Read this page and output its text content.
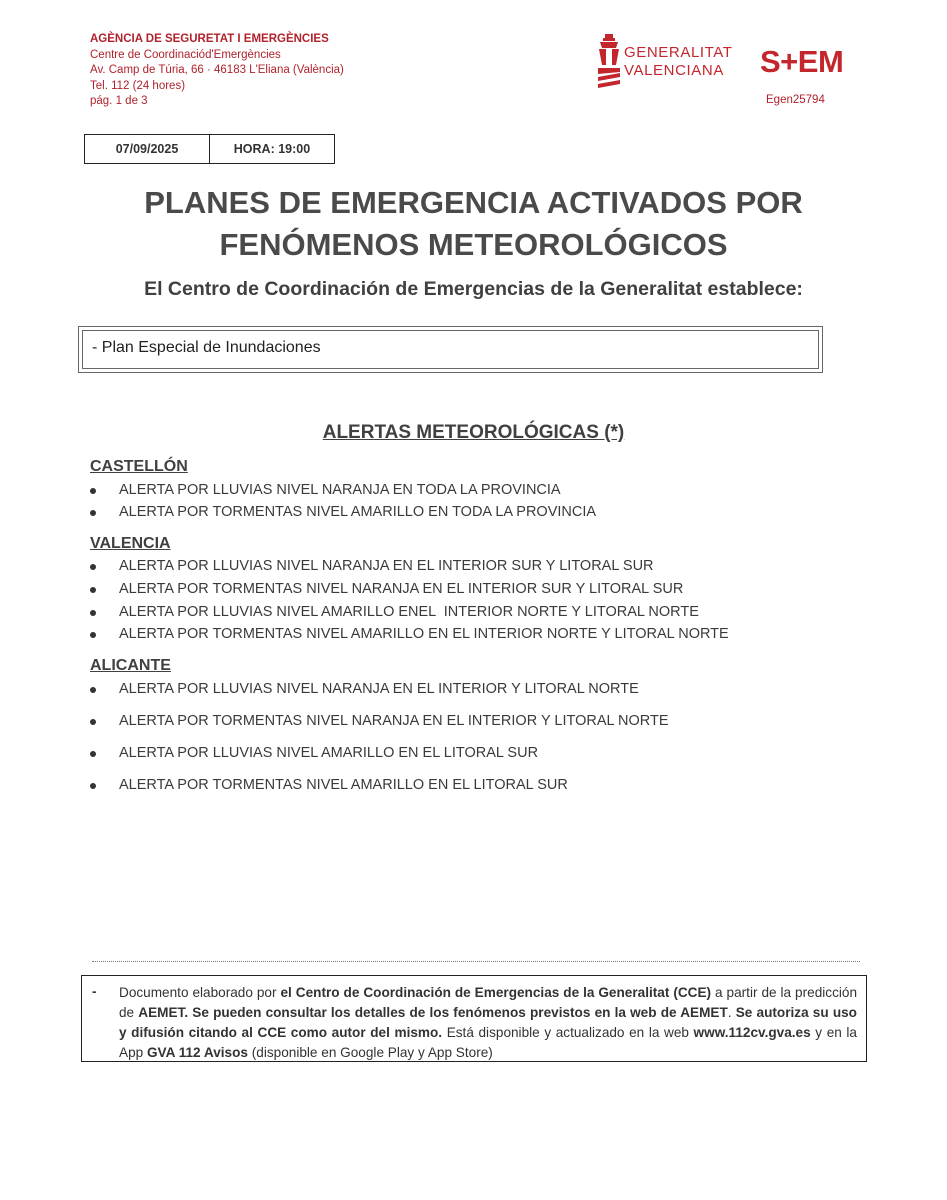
AGÈNCIA DE SEGURETAT I EMERGÈNCIES
Centre de Coordinaciód'Emergències
Av. Camp de Túria, 66 · 46183 L'Eliana (València)
Tel. 112 (24 hores)
pág. 1 de 3
GENERALITAT
VALENCIANA S+EM
Egen25794
07/09/2025	HORA: 19:00
PLANES DE EMERGENCIA ACTIVADOS POR
FENÓMENOS METEOROLÓGICOS
El Centro de Coordinación de Emergencias de la Generalitat establece:
- Plan Especial de Inundaciones
ALERTAS METEOROLÓGICAS (*)
CASTELLÓN
ALERTA POR LLUVIAS NIVEL NARANJA EN TODA LA PROVINCIA
ALERTA POR TORMENTAS NIVEL AMARILLO EN TODA LA PROVINCIA
VALENCIA
ALERTA POR LLUVIAS NIVEL NARANJA EN EL INTERIOR SUR Y LITORAL SUR
ALERTA POR TORMENTAS NIVEL NARANJA EN EL INTERIOR SUR Y LITORAL SUR
ALERTA POR LLUVIAS NIVEL AMARILLO ENEL  INTERIOR NORTE Y LITORAL NORTE
ALERTA POR TORMENTAS NIVEL AMARILLO EN EL INTERIOR NORTE Y LITORAL NORTE
ALICANTE
ALERTA POR LLUVIAS NIVEL NARANJA EN EL INTERIOR Y LITORAL NORTE
ALERTA POR TORMENTAS NIVEL NARANJA EN EL INTERIOR Y LITORAL NORTE
ALERTA POR LLUVIAS NIVEL AMARILLO EN EL LITORAL SUR
ALERTA POR TORMENTAS NIVEL AMARILLO EN EL LITORAL SUR
- Documento elaborado por el Centro de Coordinación de Emergencias de la Generalitat (CCE) a partir de la predicción de AEMET. Se pueden consultar los detalles de los fenómenos previstos en la web de AEMET. Se autoriza su uso y difusión citando al CCE como autor del mismo. Está disponible y actualizado en la web www.112cv.gva.es y en la App GVA 112 Avisos (disponible en Google Play y App Store)
